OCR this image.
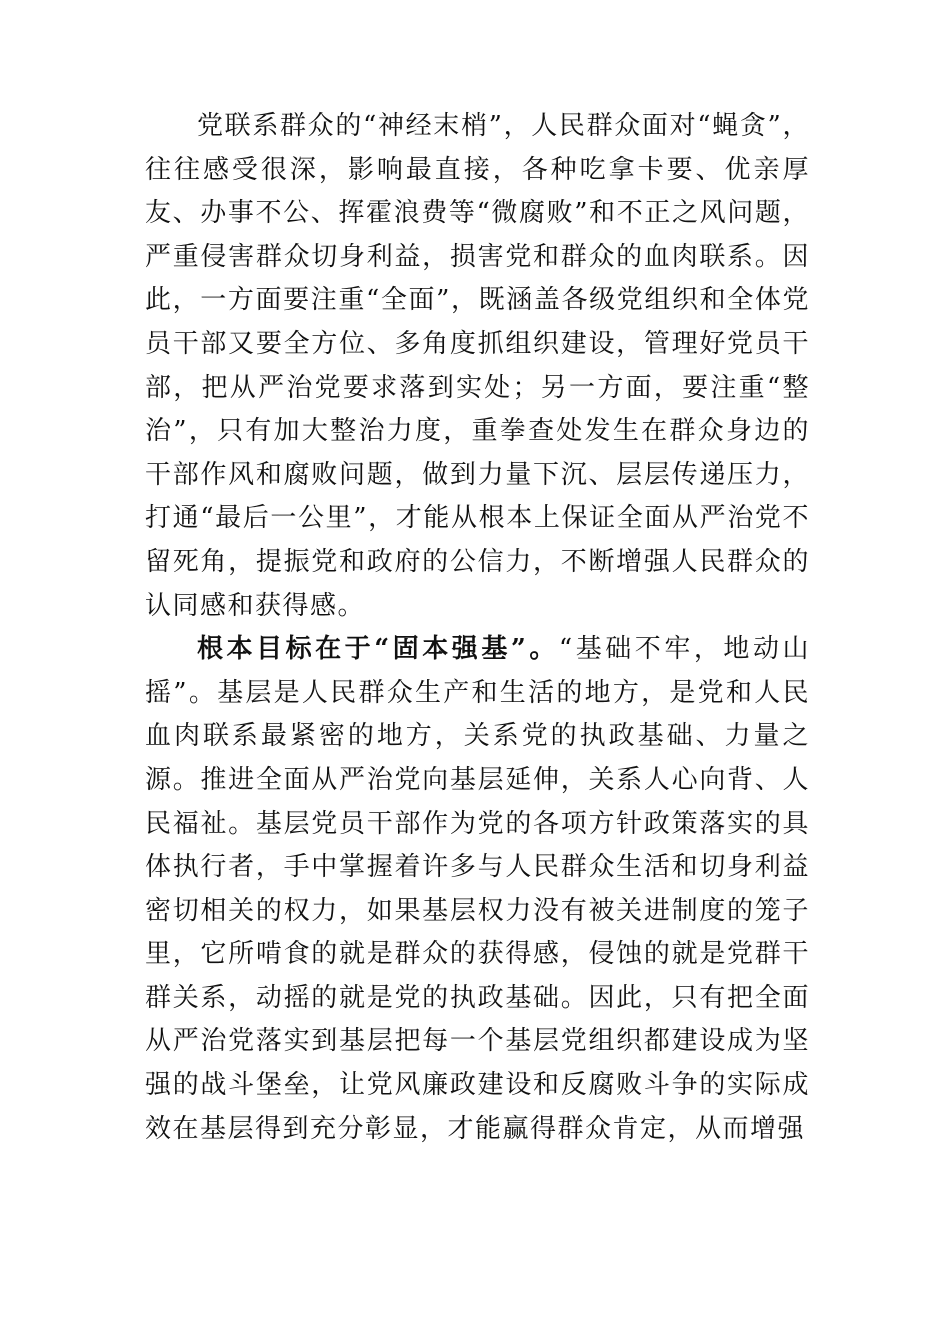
党联系群众的“神经末梢”，人民群众面对“蝇贪”，往往感受很深，影响最直接，各种吃拿卡要、优亲厚友、办事不公、挥霍浪费等“微腐败”和不正之风问题，严重侵害群众切身利益，损害党和群众的血肉联系。因此，一方面要注重“全面”，既涵盖各级党组织和全体党员干部又要全方位、多角度抓组织建设，管理好党员干部，把从严治党要求落到实处；另一方面，要注重“整治”，只有加大整治力度，重拳查处发生在群众身边的干部作风和腐败问题，做到力量下沉、层层传递压力，打通“最后一公里”，才能从根本上保证全面从严治党不留死角，提振党和政府的公信力，不断增强人民群众的认同感和获得感。

根本目标在于“固本强基”。“基础不牢，地动山摇”。基层是人民群众生产和生活的地方，是党和人民血肉联系最紧密的地方，关系党的执政基础、力量之源。推进全面从严治党向基层延伸，关系人心向背、人民福祉。基层党员干部作为党的各项方针政策落实的具体执行者，手中掌握着许多与人民群众生活和切身利益密切相关的权力，如果基层权力没有被关进制度的笼子里，它所啃食的就是群众的获得感，侵蚀的就是党群干群关系，动摇的就是党的执政基础。因此，只有把全面从严治党落实到基层把每一个基层党组织都建设成为坚强的战斗堡垒，让党风廉政建设和反腐败斗争的实际成效在基层得到充分彰显，才能赢得群众肯定，从而增强
